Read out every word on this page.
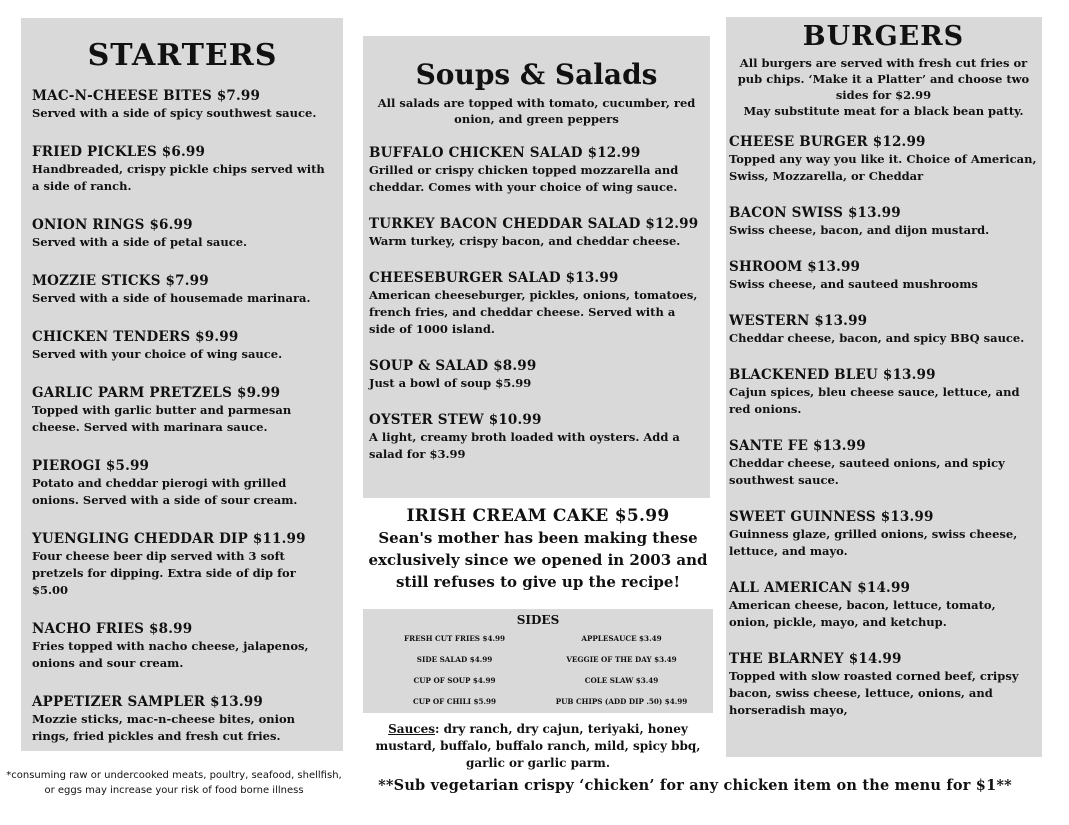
STARTERS
MAC-N-CHEESE BITES $7.99
Served with a side of spicy southwest sauce.
FRIED PICKLES $6.99
Handbreaded, crispy pickle chips served with a side of ranch.
ONION RINGS $6.99
Served with a side of petal sauce.
MOZZIE STICKS $7.99
Served with a side of housemade marinara.
CHICKEN TENDERS $9.99
Served with your choice of wing sauce.
GARLIC PARM PRETZELS $9.99
Topped with garlic butter and parmesan cheese. Served with marinara sauce.
PIEROGI $5.99
Potato and cheddar pierogi with grilled onions. Served with a side of sour cream.
YUENGLING CHEDDAR DIP $11.99
Four cheese beer dip served with 3 soft pretzels for dipping. Extra side of dip for $5.00
NACHO FRIES $8.99
Fries topped with nacho cheese, jalapenos, onions and sour cream.
APPETIZER SAMPLER $13.99
Mozzie sticks, mac-n-cheese bites, onion rings, fried pickles and fresh cut fries.
Soups & Salads

All salads are topped with tomato, cucumber, red onion, and green peppers

BUFFALO CHICKEN SALAD $12.99
Grilled or crispy chicken topped mozzarella and cheddar. Comes with your choice of wing sauce.
TURKEY BACON CHEDDAR SALAD $12.99
Warm turkey, crispy bacon, and cheddar cheese.
CHEESEBURGER SALAD $13.99
American cheeseburger, pickles, onions, tomatoes, french fries, and cheddar cheese. Served with a side of 1000 island.
SOUP & SALAD $8.99
Just a bowl of soup $5.99
OYSTER STEW $10.99
A light, creamy broth loaded with oysters. Add a salad for $3.99
IRISH CREAM CAKE $5.99
Sean's mother has been making these exclusively since we opened in 2003 and still refuses to give up the recipe!
SIDES
FRESH CUT FRIES $4.99	APPLESAUCE $3.49
SIDE SALAD $4.99	VEGGIE OF THE DAY $3.49
CUP OF SOUP $4.99	COLE SLAW $3.49
CUP OF CHILI $5.99	PUB CHIPS (ADD DIP .50) $4.99
Sauces: dry ranch, dry cajun, teriyaki, honey mustard, buffalo, buffalo ranch, mild, spicy bbq, garlic or garlic parm.
BURGERS

All burgers are served with fresh cut fries or pub chips. ‘Make it a Platter’ and choose two sides for $2.99

May substitute meat for a black bean patty.

CHEESE BURGER $12.99
Topped any way you like it. Choice of American, Swiss, Mozzarella, or Cheddar
BACON SWISS $13.99
Swiss cheese, bacon, and dijon mustard.
SHROOM $13.99
Swiss cheese, and sauteed mushrooms
WESTERN $13.99
Cheddar cheese, bacon, and spicy BBQ sauce.
BLACKENED BLEU $13.99
Cajun spices, bleu cheese sauce, lettuce, and red onions.
SANTE FE $13.99
Cheddar cheese, sauteed onions, and spicy southwest sauce.
SWEET GUINNESS $13.99
Guinness glaze, grilled onions, swiss cheese, lettuce, and mayo.
ALL AMERICAN $14.99
American cheese, bacon, lettuce, tomato, onion, pickle, mayo, and ketchup.
THE BLARNEY $14.99
Topped with slow roasted corned beef, cripsy bacon, swiss cheese, lettuce, onions, and horseradish mayo,
*consuming raw or undercooked meats, poultry, seafood, shellfish, or eggs may increase your risk of food borne illness	**Sub vegetarian crispy ‘chicken’ for any chicken item on the menu for $1**
